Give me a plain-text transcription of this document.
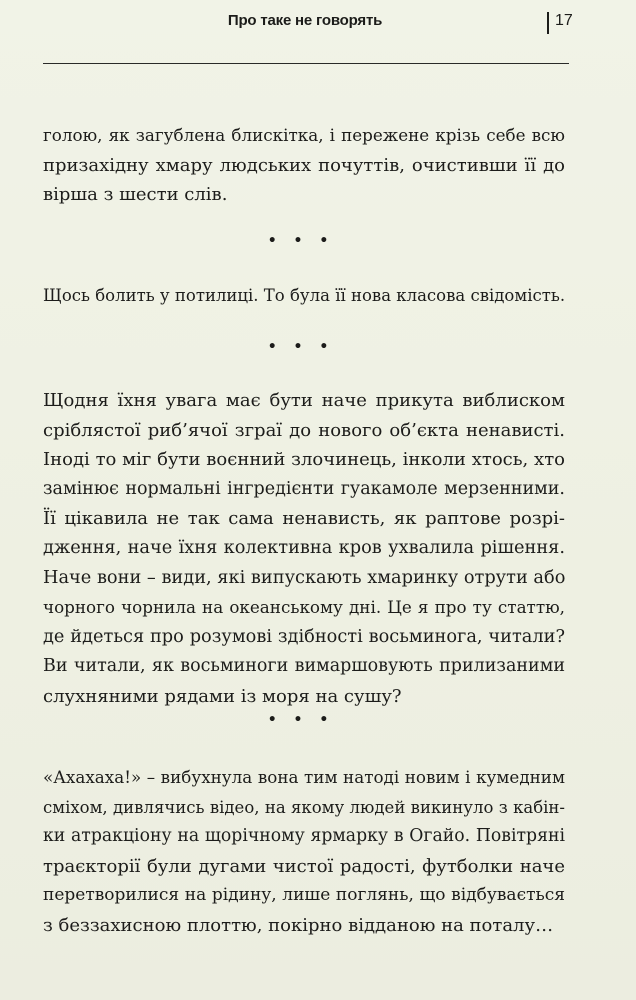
Про таке не говорять	17

голою, як загублена блискітка, і пережене крізь себе всю
призахідну хмару людських почуттів, очистивши її до
вірша з шести слів.

• • •

Щось болить у потилиці. То була її нова класова свідомість.

• • •

Щодня їхня увага має бути наче прикута виблиском
сріблястої риб’ячої зграї до нового об’єкта ненависті.
Іноді то міг бути воєнний злочинець, інколи хтось, хто
замінює нормальні інгредієнти гуакамоле мерзенними.
Її цікавила не так сама ненависть, як раптове розрі-
дження, наче їхня колективна кров ухвалила рішення.
Наче вони – види, які випускають хмаринку отрути або
чорного чорнила на океанському дні. Це я про ту статтю,
де йдеться про розумові здібності восьминога, читали?
Ви читали, як восьминоги вимаршовують прилизаними
слухняними рядами із моря на сушу?

• • •

«Ахахаха!» – вибухнула вона тим натоді новим і кумедним
сміхом, дивлячись відео, на якому людей викинуло з кабін-
ки атракціону на щорічному ярмарку в Огайо. Повітряні
траєкторії були дугами чистої радості, футболки наче
перетворилися на рідину, лише поглянь, що відбувається
з беззахисною плоттю, покірно відданою на поталу…
